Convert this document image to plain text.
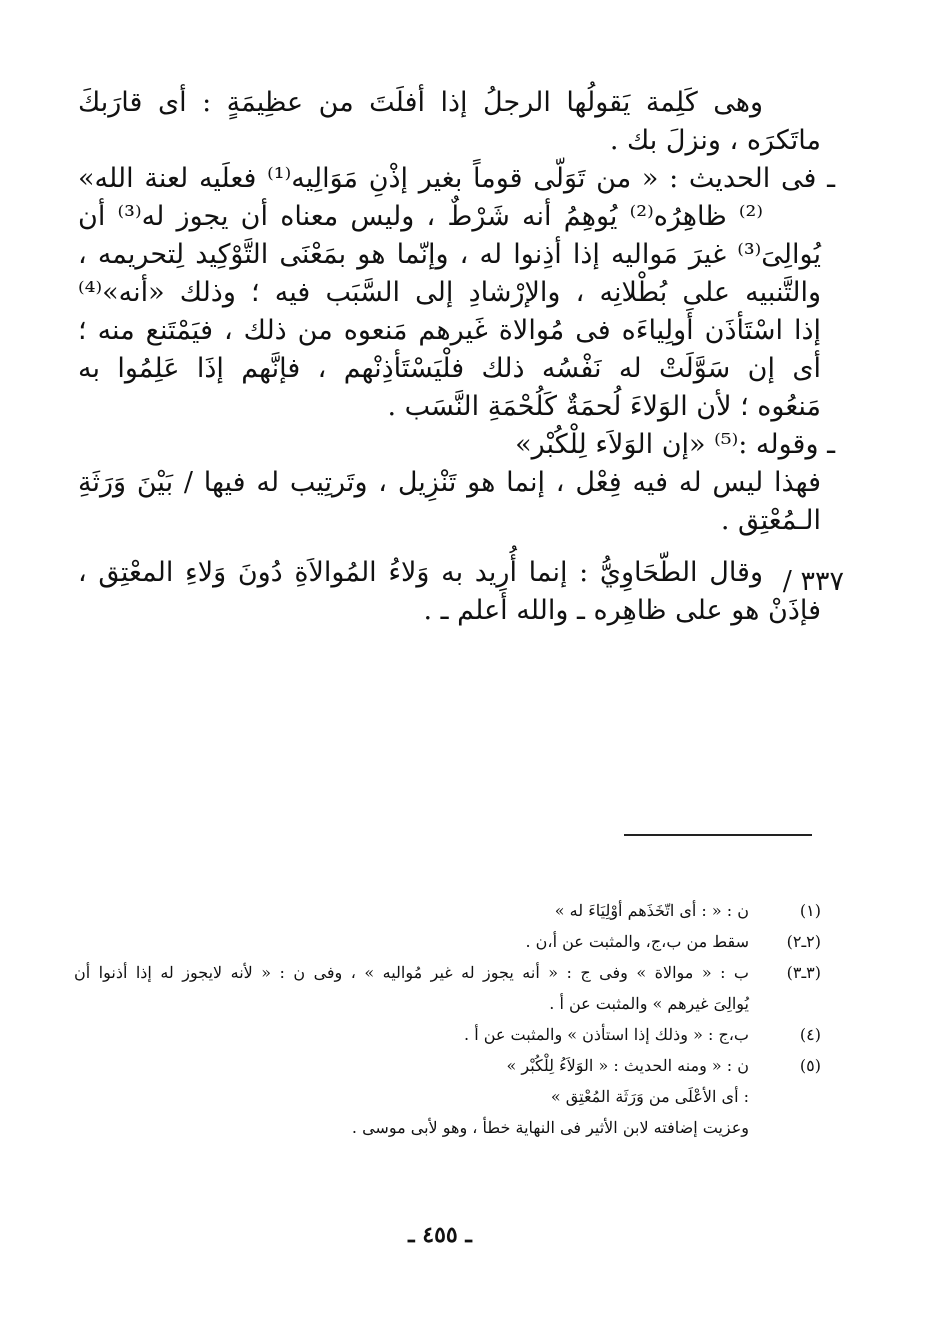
وهى كَلِمة يَقولُها الرجلُ إذا أفلَتَ من عظِيمَةٍ : أى قارَبكَ
ماتَكرَه ، ونزلَ بك .
ـ فى الحديث : « من تَوَلّى قوماً بغير إذْنِ مَوَالِيه⁽¹⁾ فعلَيه لعنة الله»
⁽²⁾ ظاهِرُه⁽²⁾ يُوهِمُ أنه شَرْطٌ ، وليس معناه أن يجوز له⁽³⁾ أن
يُوالِىَ⁽³⁾ غيرَ مَواليه إذا أذِنوا له ، وإنّما هو بمَعْنَى التَّوْكِيد لِتحريمه ،
والتَّنبيه على بُطْلانِه ، والإرْشادِ إلى السَّبَب فيه ؛ وذلك «أنه»⁽⁴⁾
إذا اسْتَأذَن أَولِياءَه فى مُوالاة غَيرهم مَنعوه من ذلك ، فيَمْتَنع منه ؛
أى إن سَوَّلَتْ له نَفْسُه ذلك فلْيَسْتَأذِنْهم ، فإنَّهم إذَا عَلِمُوا به
مَنعُوه ؛ لأن الوَلاءَ لُحمَةٌ كَلُحْمَةِ النَّسَب .
ـ وقوله :⁽⁵⁾ «إن الوَلاَء لِلْكُبْر»
فهذا ليس له فيه فِعْل ، إنما هو تَنْزِيل ، وتَرتِيب له فيها / بَيْنَ وَرَثَةِ
الـمُعْتِق .
وقال الطّحَاوِيُّ : إنما أُرِيد به وَلاءُ المُوالاَةِ دُونَ وَلاءِ المعْتِق ،
فإذَنْ هو على ظاهِره ـ والله أعلم ـ .
٣٣٧ /
(١)
ن : « : أى اتّخَذَهم أوْلِيَاءَ له »
(٢ـ٢)
سقط من ب،ج، والمثبت عن أ،ن .
(٣ـ٣)
ب : « موالاة » وفى ج : « أنه يجوز له غير مُواليه » ، وفى ن : « لأنه لايجوز له إذا أذنوا أن
يُوالِىَ غيرهم » والمثبت عن أ .
(٤)
ب،ج : « وذلك إذا استأذن » والمثبت عن أ .
(٥)
ن : « ومنه الحديث : « الوَلاَءُ لِلْكُبْر »
: أى الأعْلَى من وَرَثَة المُعْتِق »
وعزيت إضافته لابن الأثير فى النهاية خطأ ، وهو لأبى موسى .
ـ ٤٥٥ ـ
